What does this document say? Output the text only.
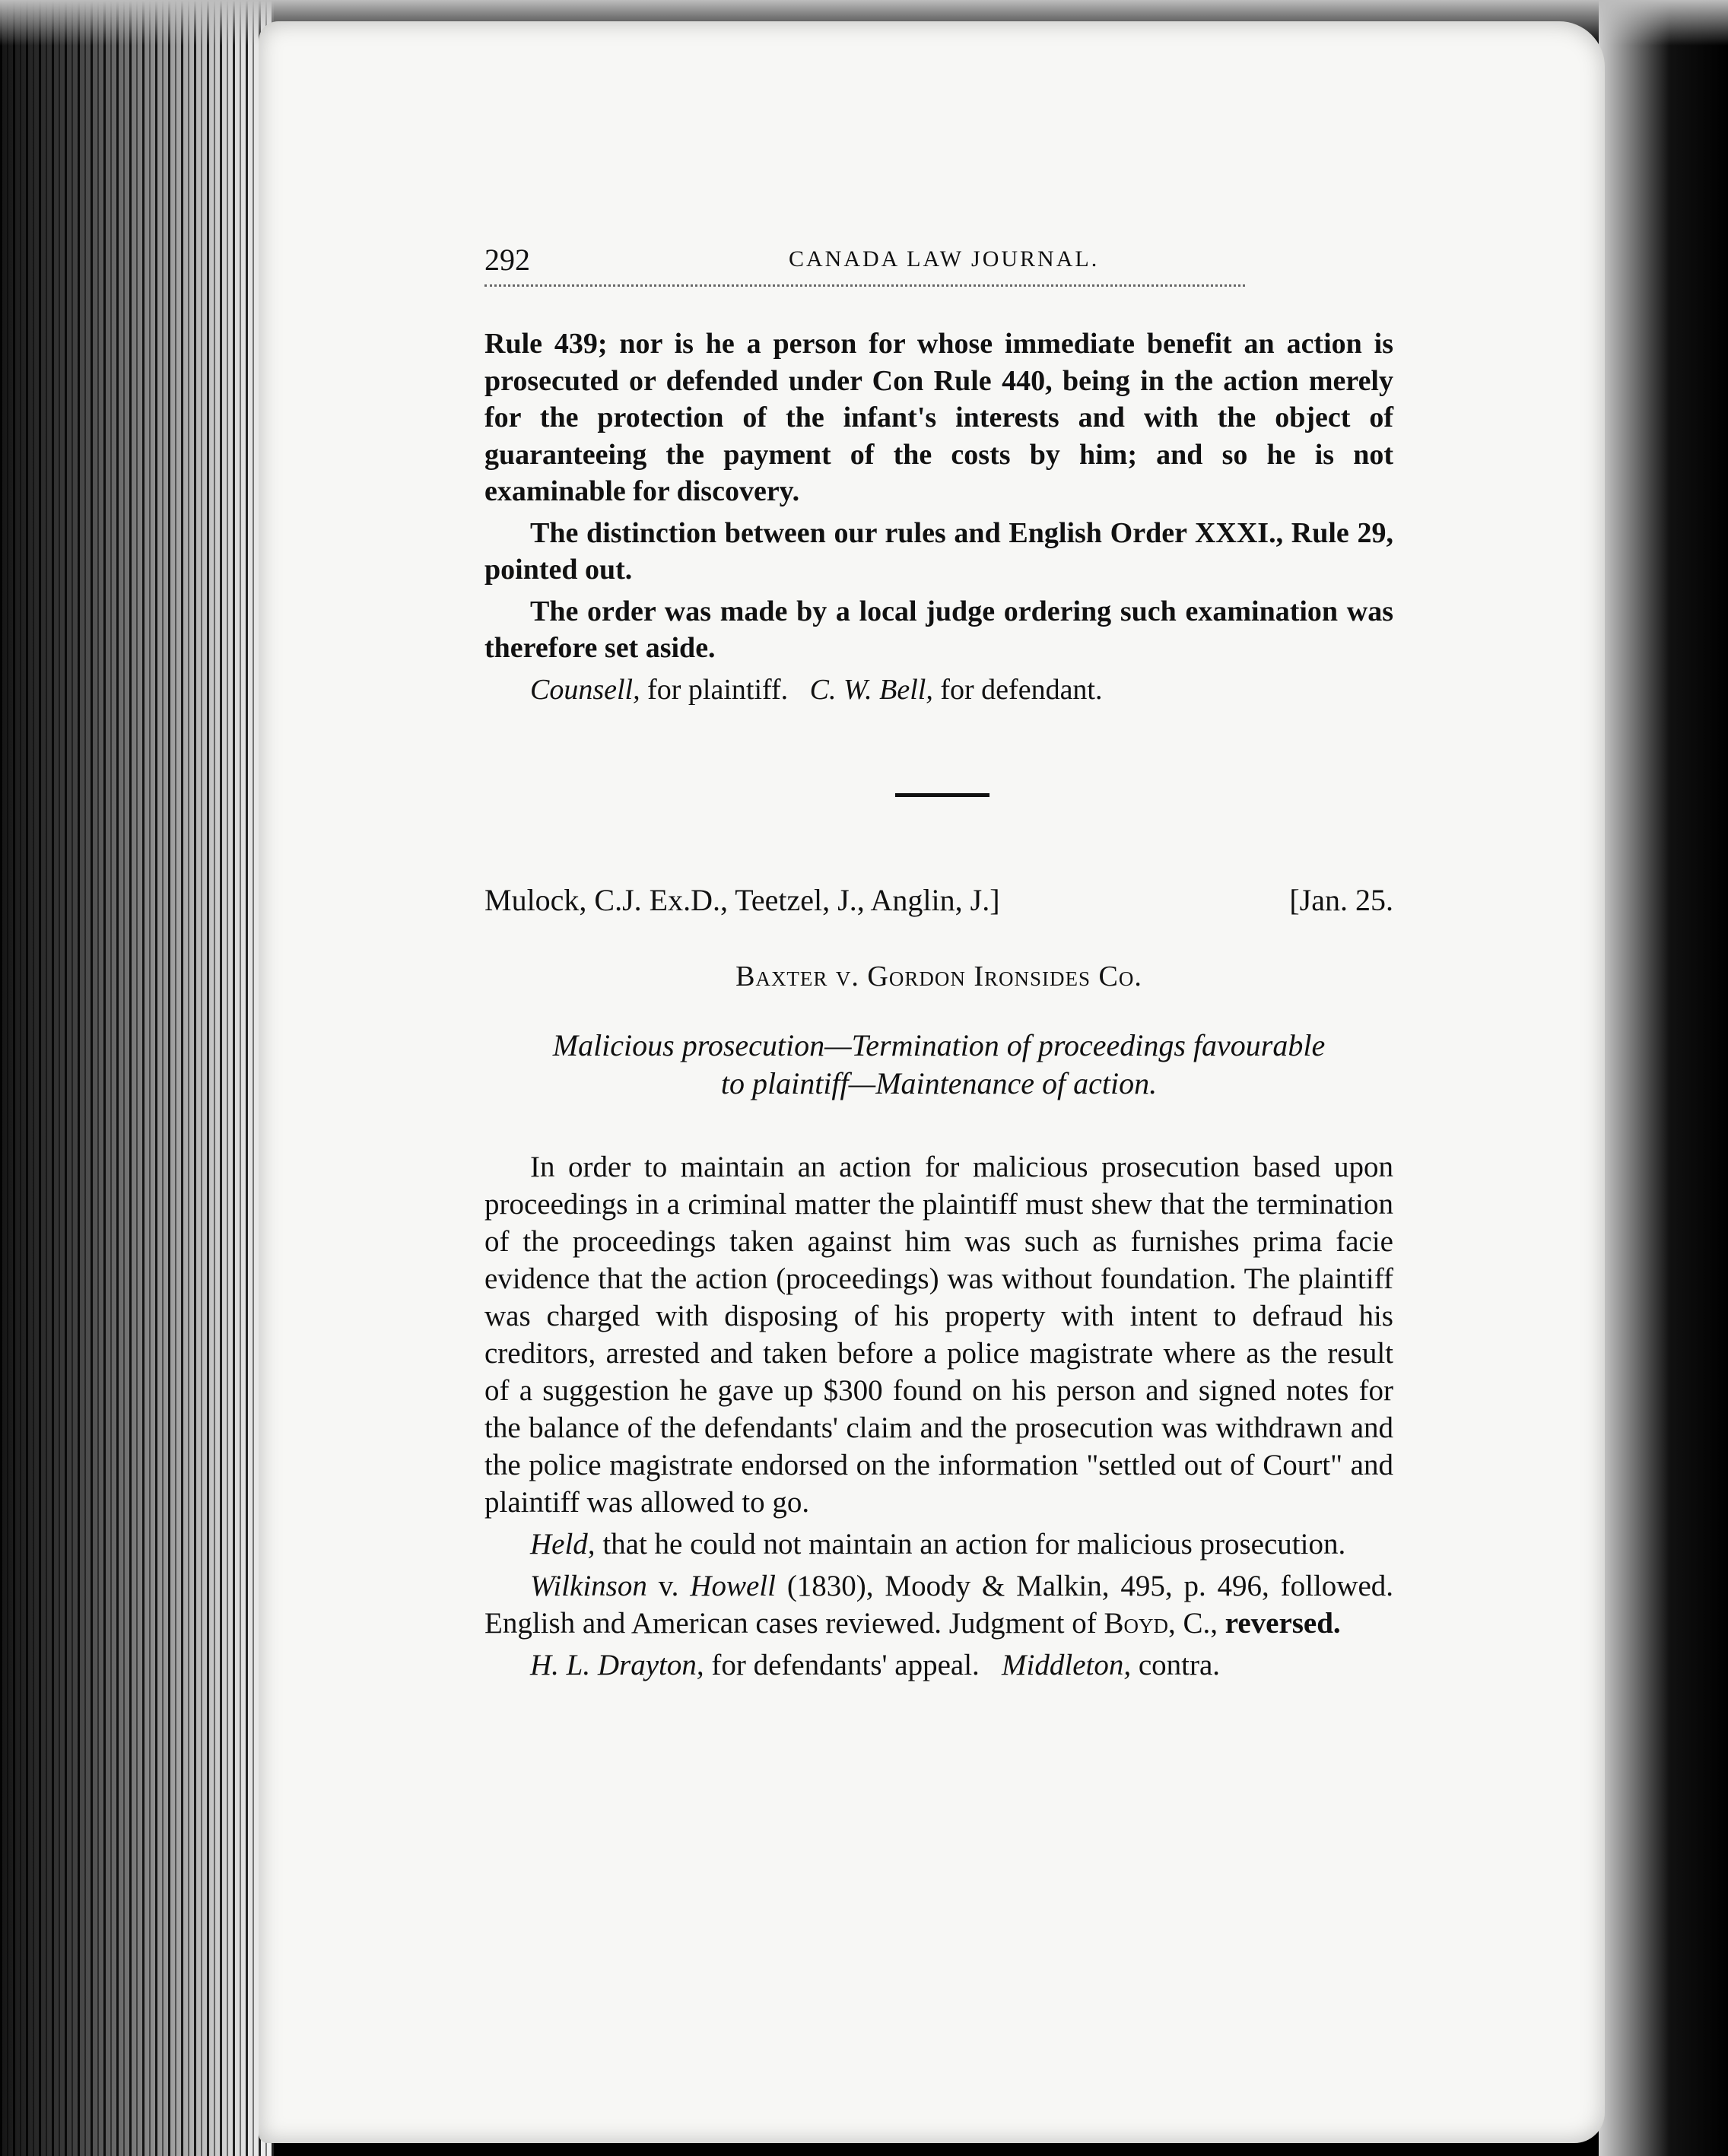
292	CANADA LAW JOURNAL.

Rule 439; nor is he a person for whose immediate benefit an action is prosecuted or defended under Con Rule 440, being in the action merely for the protection of the infant's interests and with the object of guaranteeing the payment of the costs by him; and so he is not examinable for discovery.

The distinction between our rules and English Order XXXI., Rule 29, pointed out.

The order was made by a local judge ordering such examination was therefore set aside.

Counsell, for plaintiff. C. W. Bell, for defendant.

Mulock, C.J. Ex.D., Teetzel, J., Anglin, J.]	[Jan. 25.
Baxter v. Gordon Ironsides Co.
Malicious prosecution—Termination of proceedings favourable
to plaintiff—Maintenance of action.

In order to maintain an action for malicious prosecution based upon proceedings in a criminal matter the plaintiff must shew that the termination of the proceedings taken against him was such as furnishes prima facie evidence that the action (proceedings) was without foundation. The plaintiff was charged with disposing of his property with intent to defraud his creditors, arrested and taken before a police magistrate where as the result of a suggestion he gave up $300 found on his person and signed notes for the balance of the defendants' claim and the prosecution was withdrawn and the police magistrate endorsed on the information "settled out of Court" and plaintiff was allowed to go.

Held, that he could not maintain an action for malicious prosecution.

Wilkinson v. Howell (1830), Moody & Malkin, 495, p. 496, followed. English and American cases reviewed. Judgment of Boyd, C., reversed.

H. L. Drayton, for defendants' appeal. Middleton, contra.
